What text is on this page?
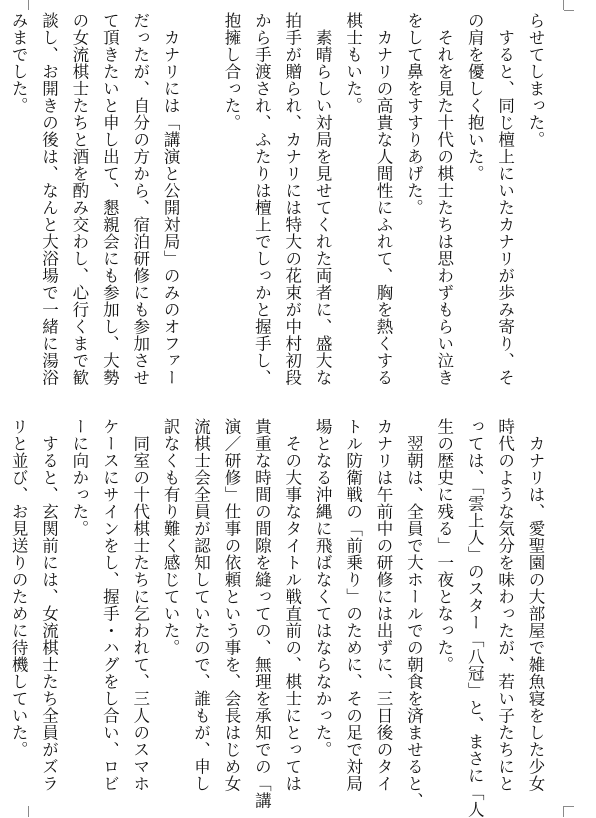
らせてしまった。
　すると、同じ檀上にいたカナリが歩み寄り、そ
の肩を優しく抱いた。
　それを見た十代の棋士たちは思わずもらい泣き
をして鼻をすすりあげた。
　カナリの高貴な人間性にふれて、胸を熱くする
棋士もいた。
　素晴らしい対局を見せてくれた両者に、盛大な
拍手が贈られ、カナリには特大の花束が中村初段
から手渡され、ふたりは檀上でしっかと握手し、
抱擁し合った。

　カナリには「講演と公開対局」のみのオファー
だったが、自分の方から、宿泊研修にも参加させ
て頂きたいと申し出て、懇親会にも参加し、大勢
の女流棋士たちと酒を酌み交わし、心行くまで歓
談し、お開きの後は、なんと大浴場で一緒に湯浴
みまでした。
　カナリは、愛聖園の大部屋で雑魚寝をした少女
時代のような気分を味わったが、若い子たちにと
っては、「雲上人」のスター「八冠」と、まさに「人
生の歴史に残る」一夜となった。
　翌朝は、全員で大ホールでの朝食を済ませると、
カナリは午前中の研修には出ずに、三日後のタイ
トル防衛戦の「前乗り」のために、その足で対局
場となる沖縄に飛ばなくてはならなかった。
　その大事なタイトル戦直前の、棋士にとっては
貴重な時間の間隙を縫っての、無理を承知での「講
演／研修」仕事の依頼という事を、会長はじめ女
流棋士会全員が認知していたので、誰もが、申し
訳なくも有り難く感じていた。
　同室の十代棋士たちに乞われて、三人のスマホ
ケースにサインをし、握手・ハグをし合い、ロビ
ーに向かった。
　すると、玄関前には、女流棋士たち全員がズラ
リと並び、お見送りのために待機していた。
